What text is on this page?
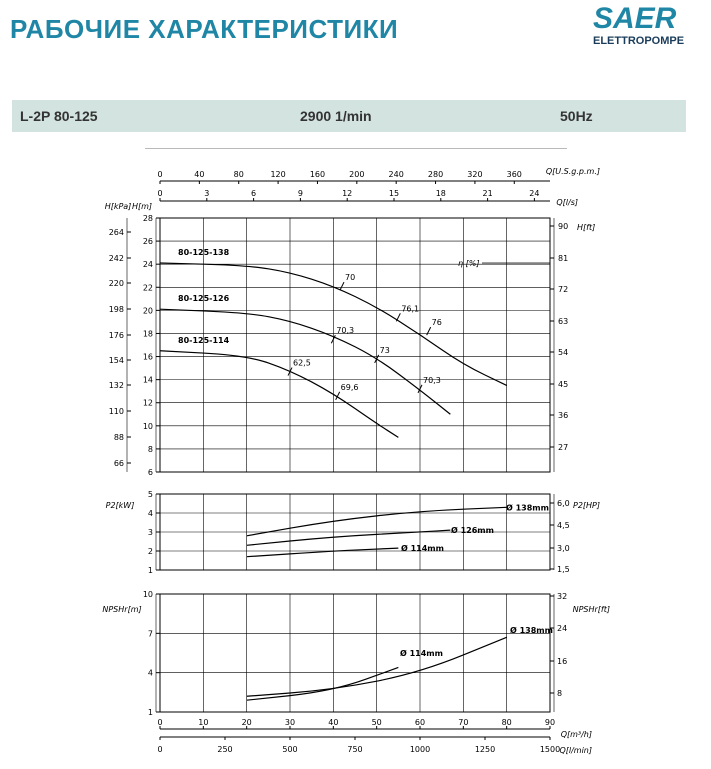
РАБОЧИЕ ХАРАКТЕРИСТИКИ	SAER
ELETTROPOMPE
L-2P 80-125	2900 1/min	50Hz
0	40	80	120	160	200	240	280	320	360	Q[U.S.g.p.m.]
0	3	6	9	12	15	18	21	24
Q[l/s]
6
8
10
12
14
16
18
20
22
24
26
28
1
2
3
4
5
1
4
7
10
264
242
220
198
176
154
132
110
88
66
H[kPa] H[m]
90
81
72
63
54
45
36
27
H[ft]
80-125-138
80-125-126
80-125-114
70
76,1
76
70,3
73
70,3
62,5
69,6
η [%]
P2[kW]	P2[HP]
6,0
4,5
3,0
1,5
Ø 138mm
Ø 126mm
Ø 114mm
NPSHr[m]	NPSHr[ft]
32
24
16
8
Ø 138mm
Ø 114mm
0	10	20	30	40	50	60	70	80	90
Q[m³/h]
0	250	500	750	1000	1250	1500 Q[l/min]
